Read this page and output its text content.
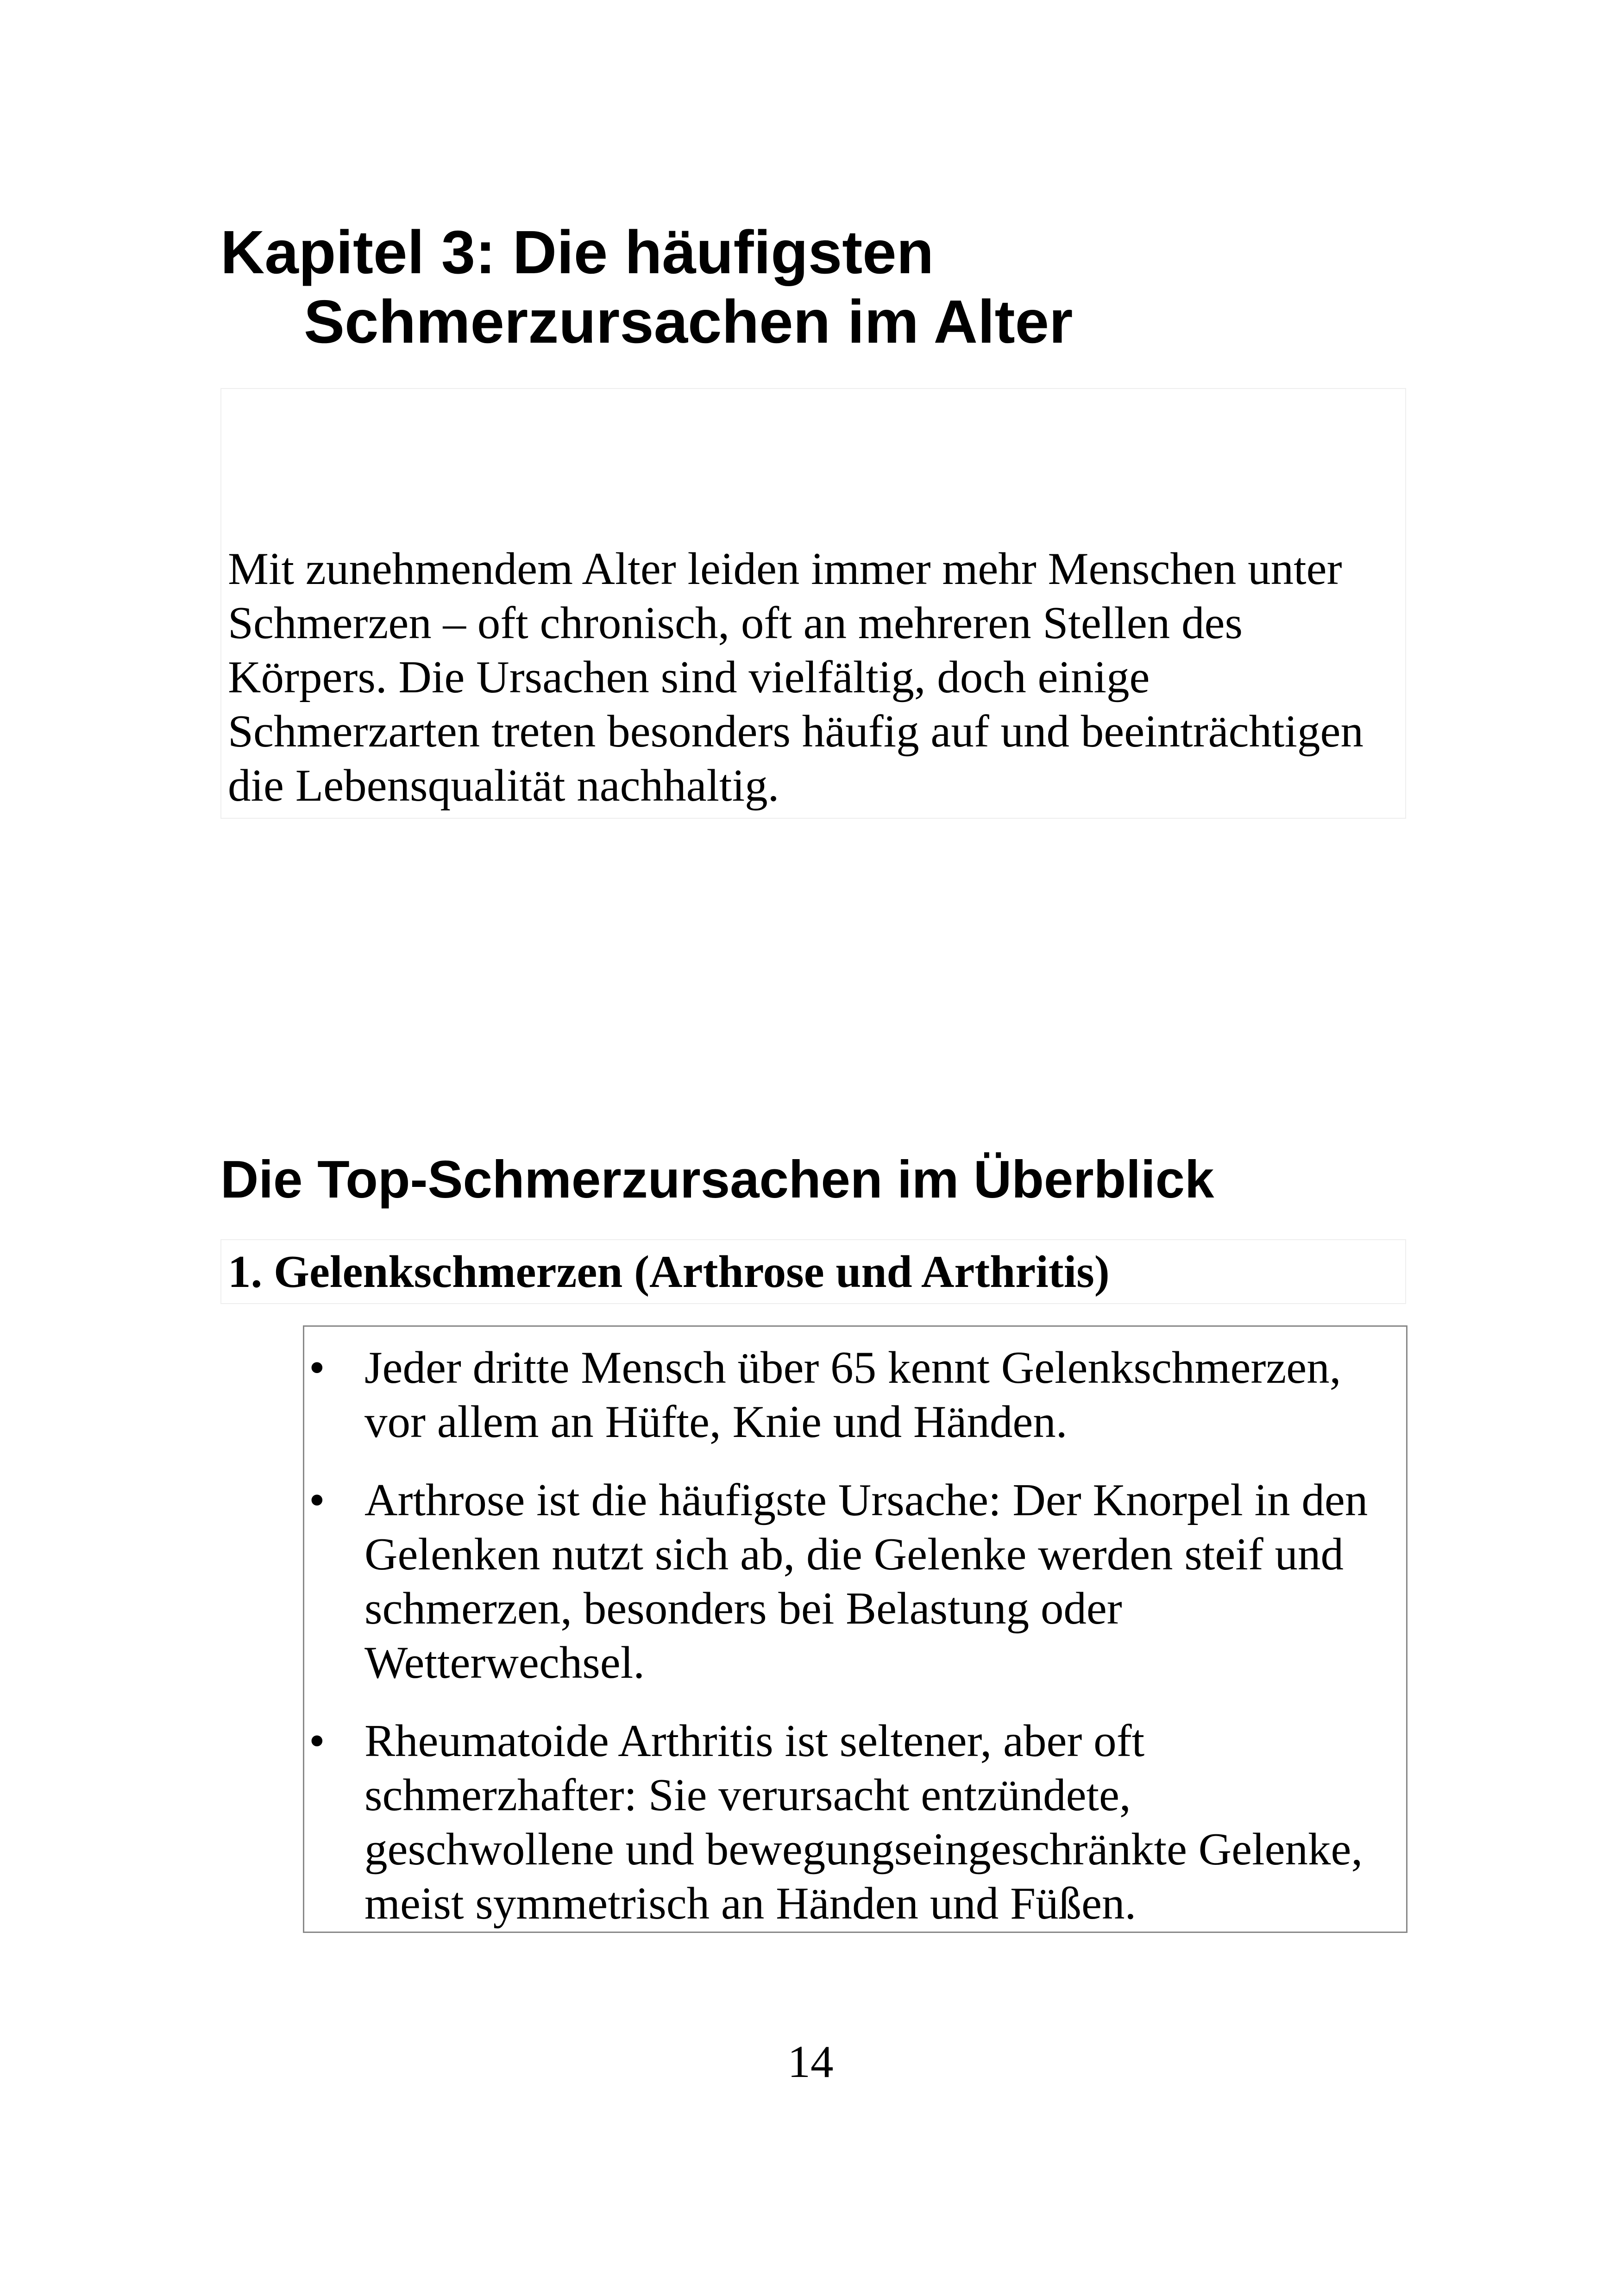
Kapitel 3: Die häufigsten
Schmerzursachen im Alter

Mit zunehmendem Alter leiden immer mehr Menschen unter Schmerzen – oft chronisch, oft an mehreren Stellen des Körpers. Die Ursachen sind vielfältig, doch einige Schmerzarten treten besonders häufig auf und beeinträchtigen die Lebensqualität nachhaltig.

Die Top-Schmerzursachen im Überblick
1. Gelenkschmerzen (Arthrose und Arthritis)
• Jeder dritte Mensch über 65 kennt Gelenkschmerzen, vor allem an Hüfte, Knie und Händen.
• Arthrose ist die häufigste Ursache: Der Knorpel in den Gelenken nutzt sich ab, die Gelenke werden steif und schmerzen, besonders bei Belastung oder Wetterwechsel.
• Rheumatoide Arthritis ist seltener, aber oft schmerzhafter: Sie verursacht entzündete, geschwollene und bewegungseingeschränkte Gelenke, meist symmetrisch an Händen und Füßen.
14
